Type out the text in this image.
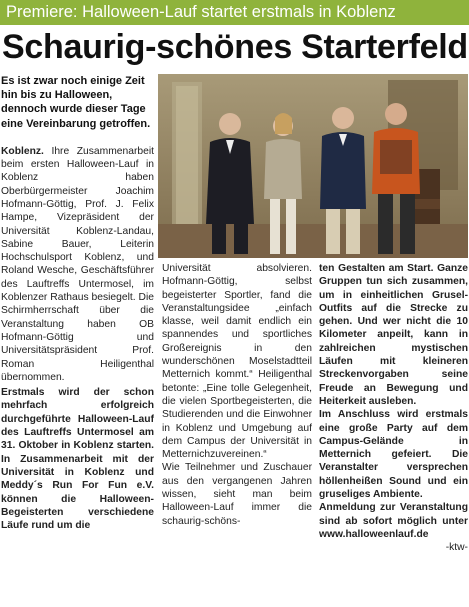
Premiere: Halloween-Lauf startet erstmals in Koblenz
Schaurig-schönes Starterfeld

Es ist zwar noch einige Zeit hin bis zu Halloween, dennoch wurde dieser Tage eine Vereinbarung getroffen.

Koblenz. Ihre Zusammenarbeit beim ersten Halloween-Lauf in Koblenz haben Oberbürgermeister Joachim Hofmann-Göttig, Prof. J. Felix Hampe, Vizepräsident der Universität Koblenz-Landau, Sabine Bauer, Leiterin Hochschulsport Koblenz, und Roland Wesche, Geschäftsführer des Lauftreffs Untermosel, im Koblenzer Rathaus besiegelt. Die Schirmherrschaft über die Veranstaltung haben OB Hofmann-Göttig und Universitätspräsident Prof. Roman Heiligenthal übernommen.

Erstmals wird der schon mehrfach erfolgreich durchgeführte Halloween-Lauf des Lauftreffs Untermosel am 31. Oktober in Koblenz starten. In Zusammenarbeit mit der Universität in Koblenz und Meddy´s Run For Fun e.V. können die Halloween-Begeisterten verschiedene Läufe rund um die

Universität absolvieren. Hofmann-Göttig, selbst begeisterter Sportler, fand die Veranstaltungsidee „einfach klasse, weil damit endlich ein spannendes und sportliches Großereignis in den wunderschönen Moselstadtteil Metternich kommt.“ Heiligenthal betonte: „Eine tolle Gelegenheit, die vielen Sportbegeisterten, die Studierenden und die Einwohner in Koblenz und Umgebung auf dem Campus der Universität in Metternichzuvereinen.“

Wie Teilnehmer und Zuschauer aus den vergangenen Jahren wissen, sieht man beim Halloween-Lauf immer die schaurig-schöns-

ten Gestalten am Start. Ganze Gruppen tun sich zusammen, um in einheitlichen Grusel-Outfits auf die Strecke zu gehen. Und wer nicht die 10 Kilometer anpeilt, kann in zahlreichen mystischen Läufen mit kleineren Streckenvorgaben seine Freude an Bewegung und Heiterkeit ausleben.

Im Anschluss wird erstmals eine große Party auf dem Campus-Gelände in Metternich gefeiert. Die Veranstalter versprechen höllenheißen Sound und ein gruseliges Ambiente.

Anmeldung zur Veranstaltung sind ab sofort möglich unter www.halloweenlauf.de

-ktw-
